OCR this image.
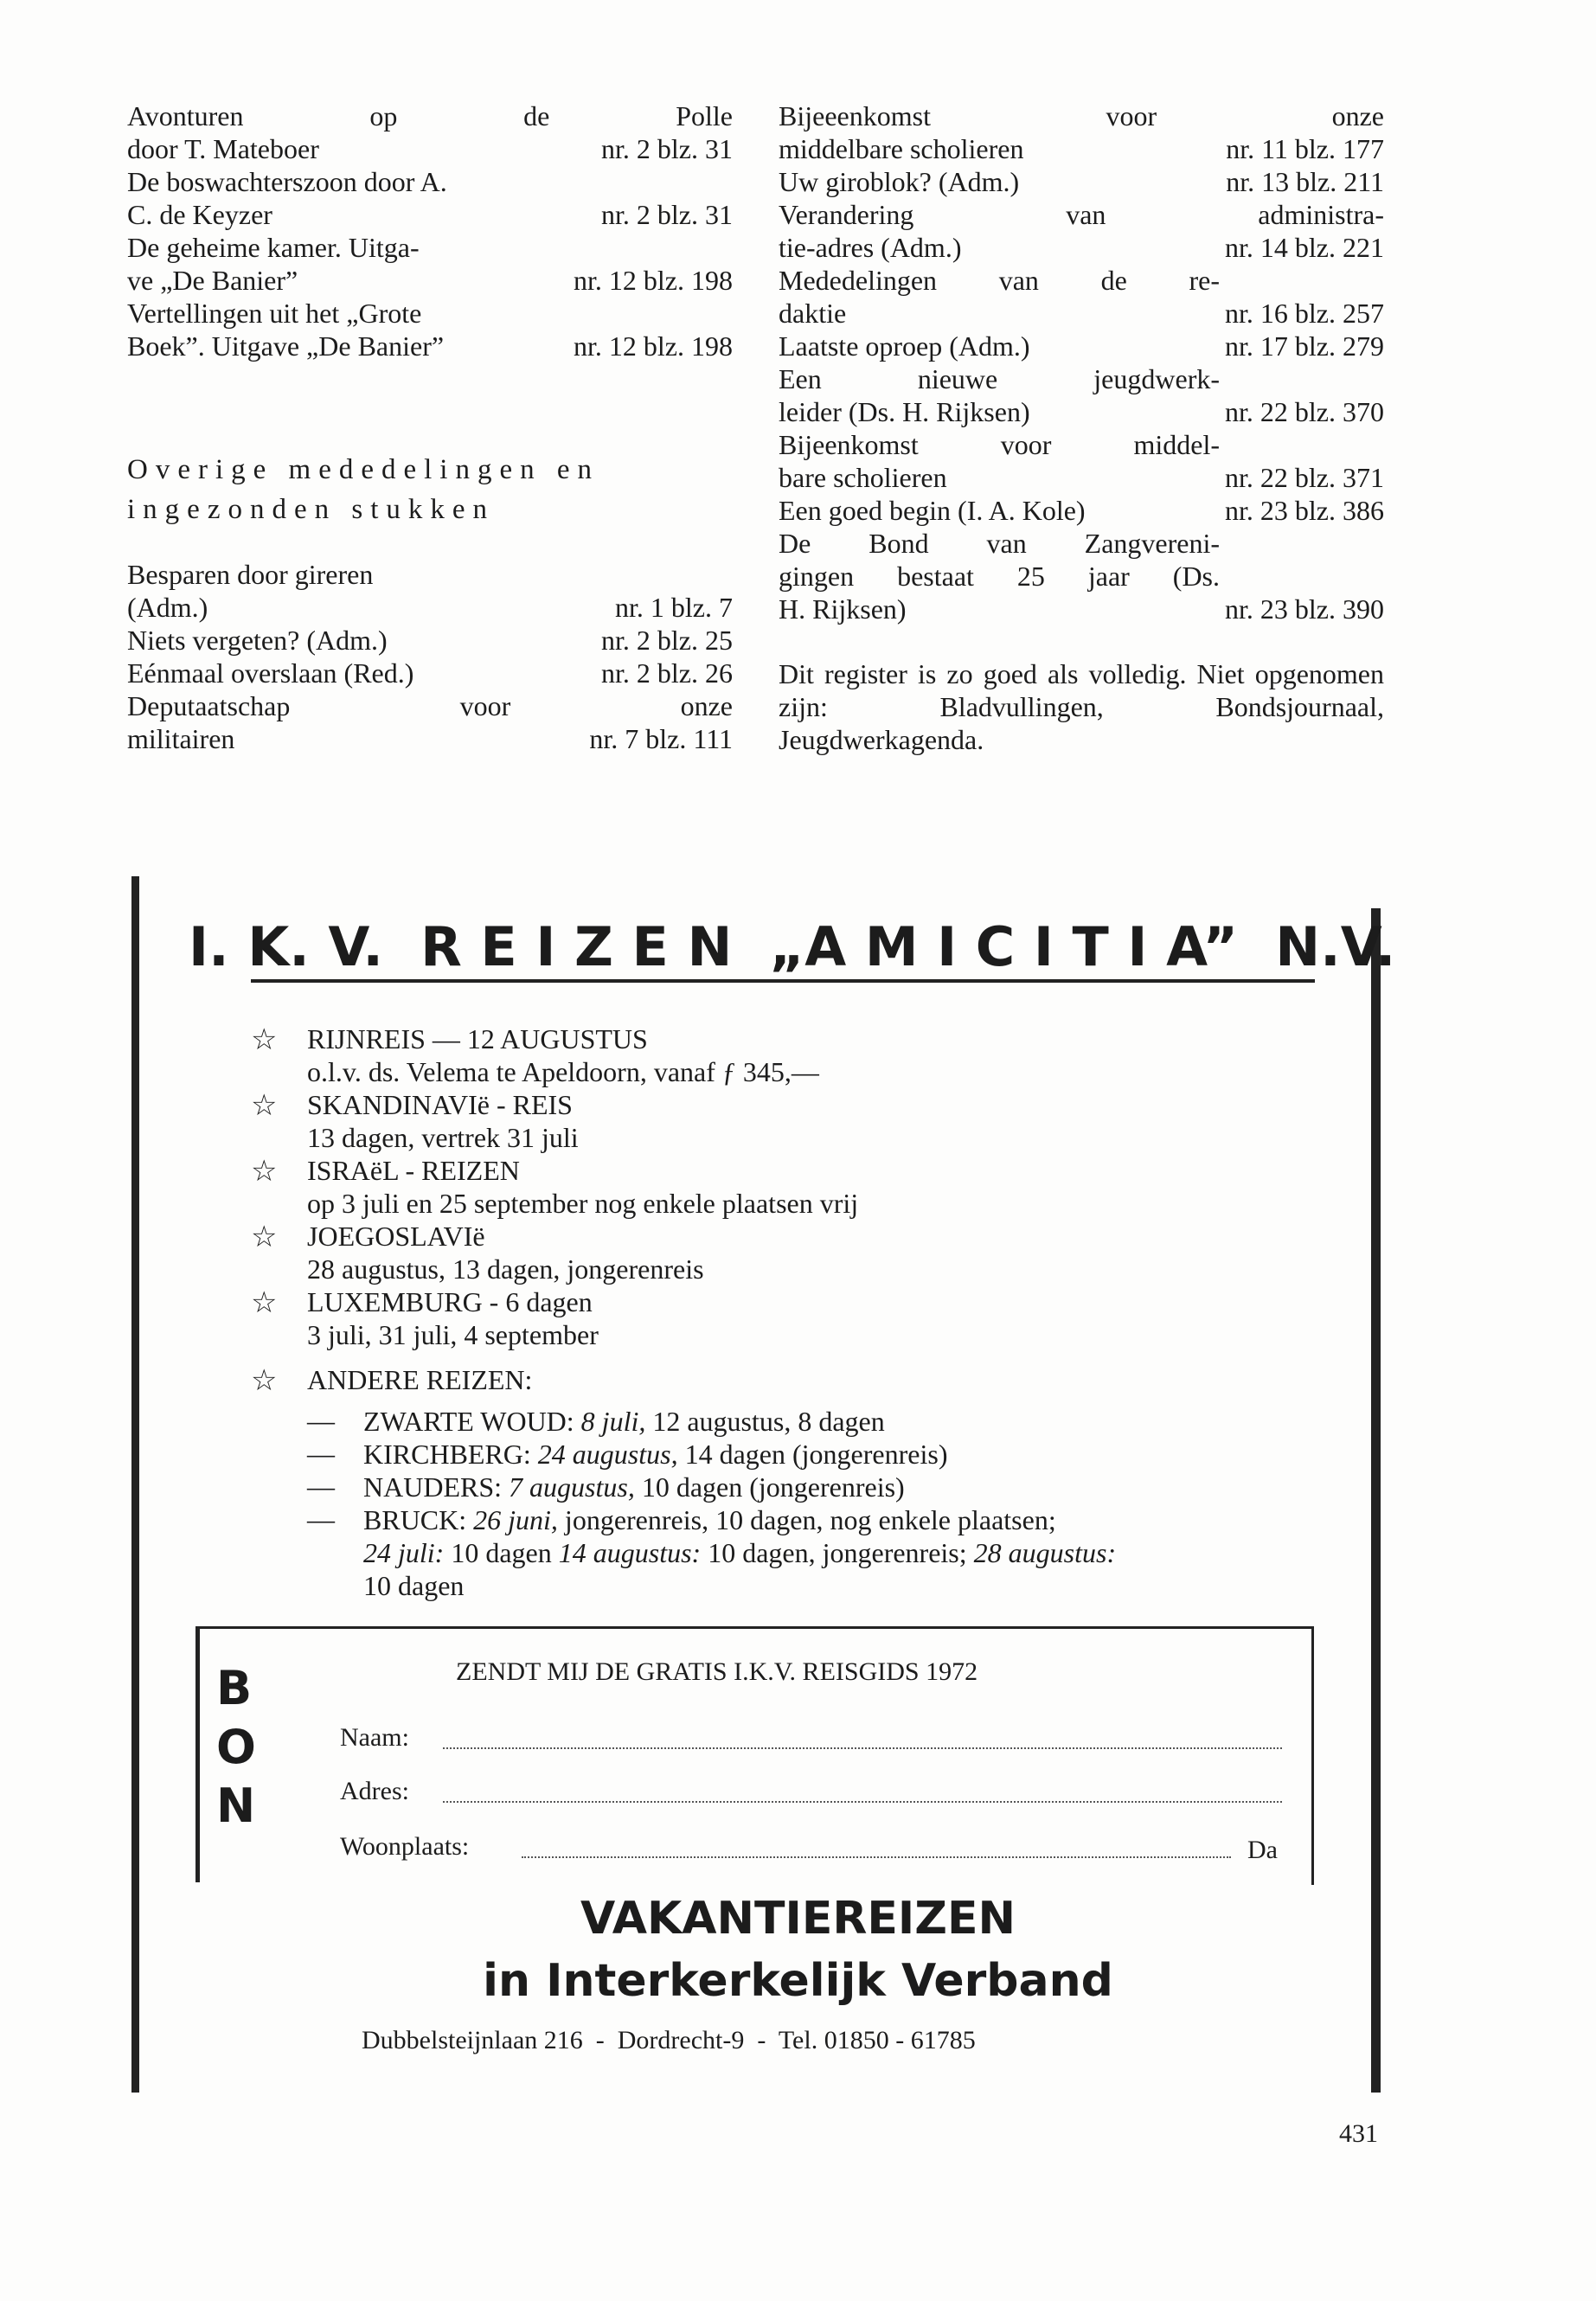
Avonturen op de Polle
door T. Mateboer	nr. 2 blz. 31
De boswachterszoon door A.
C. de Keyzer	nr. 2 blz. 31
De geheime kamer. Uitga-
ve „De Banier”	nr. 12 blz. 198
Vertellingen uit het „Grote
Boek”. Uitgave „De Banier”	nr. 12 blz. 198
Overige mededelingen en
ingezonden stukken
Besparen door gireren
(Adm.)	nr. 1 blz. 7
Niets vergeten? (Adm.)	nr. 2 blz. 25
Eénmaal overslaan (Red.)	nr. 2 blz. 26
Deputaatschap voor onze
militairen	nr. 7 blz. 111
Bijeeenkomst voor onze
middelbare scholieren	nr. 11 blz. 177
Uw giroblok? (Adm.)	nr. 13 blz. 211
Verandering van administra-
tie-adres (Adm.)	nr. 14 blz. 221
Mededelingen van de re-
daktie	nr. 16 blz. 257
Laatste oproep (Adm.)	nr. 17 blz. 279
Een nieuwe jeugdwerk-
leider (Ds. H. Rijksen)	nr. 22 blz. 370
Bijeenkomst voor middel-
bare scholieren	nr. 22 blz. 371
Een goed begin (I. A. Kole)	nr. 23 blz. 386
De Bond van Zangvereni-
gingen bestaat 25 jaar (Ds.
H. Rijksen)	nr. 23 blz. 390
Dit register is zo goed als volledig. Niet opgenomen zijn: Bladvullingen, Bondsjournaal, Jeugdwerkagenda.
I. K. V.  R E I Z E N  „A M I C I T I A”  N.V.
☆ RIJNREIS — 12 AUGUSTUS
o.l.v. ds. Velema te Apeldoorn, vanaf ƒ 345,—
☆ SKANDINAVIë - REIS
13 dagen, vertrek 31 juli
☆ ISRAëL - REIZEN
op 3 juli en 25 september nog enkele plaatsen vrij
☆ JOEGOSLAVIë
28 augustus, 13 dagen, jongerenreis
☆ LUXEMBURG - 6 dagen
3 juli, 31 juli, 4 september
☆ ANDERE REIZEN:
— ZWARTE WOUD: 8 juli, 12 augustus, 8 dagen
— KIRCHBERG: 24 augustus, 14 dagen (jongerenreis)
— NAUDERS: 7 augustus, 10 dagen (jongerenreis)
— BRUCK: 26 juni, jongerenreis, 10 dagen, nog enkele plaatsen;
24 juli: 10 dagen 14 augustus: 10 dagen, jongerenreis; 28 augustus:
10 dagen
B
O
N
ZENDT MIJ DE GRATIS I.K.V. REISGIDS 1972
Naam:
Adres:
Woonplaats:	Da
VAKANTIEREIZEN
in Interkerkelijk Verband
Dubbelsteijnlaan 216  -  Dordrecht-9  -  Tel. 01850 - 61785
431
